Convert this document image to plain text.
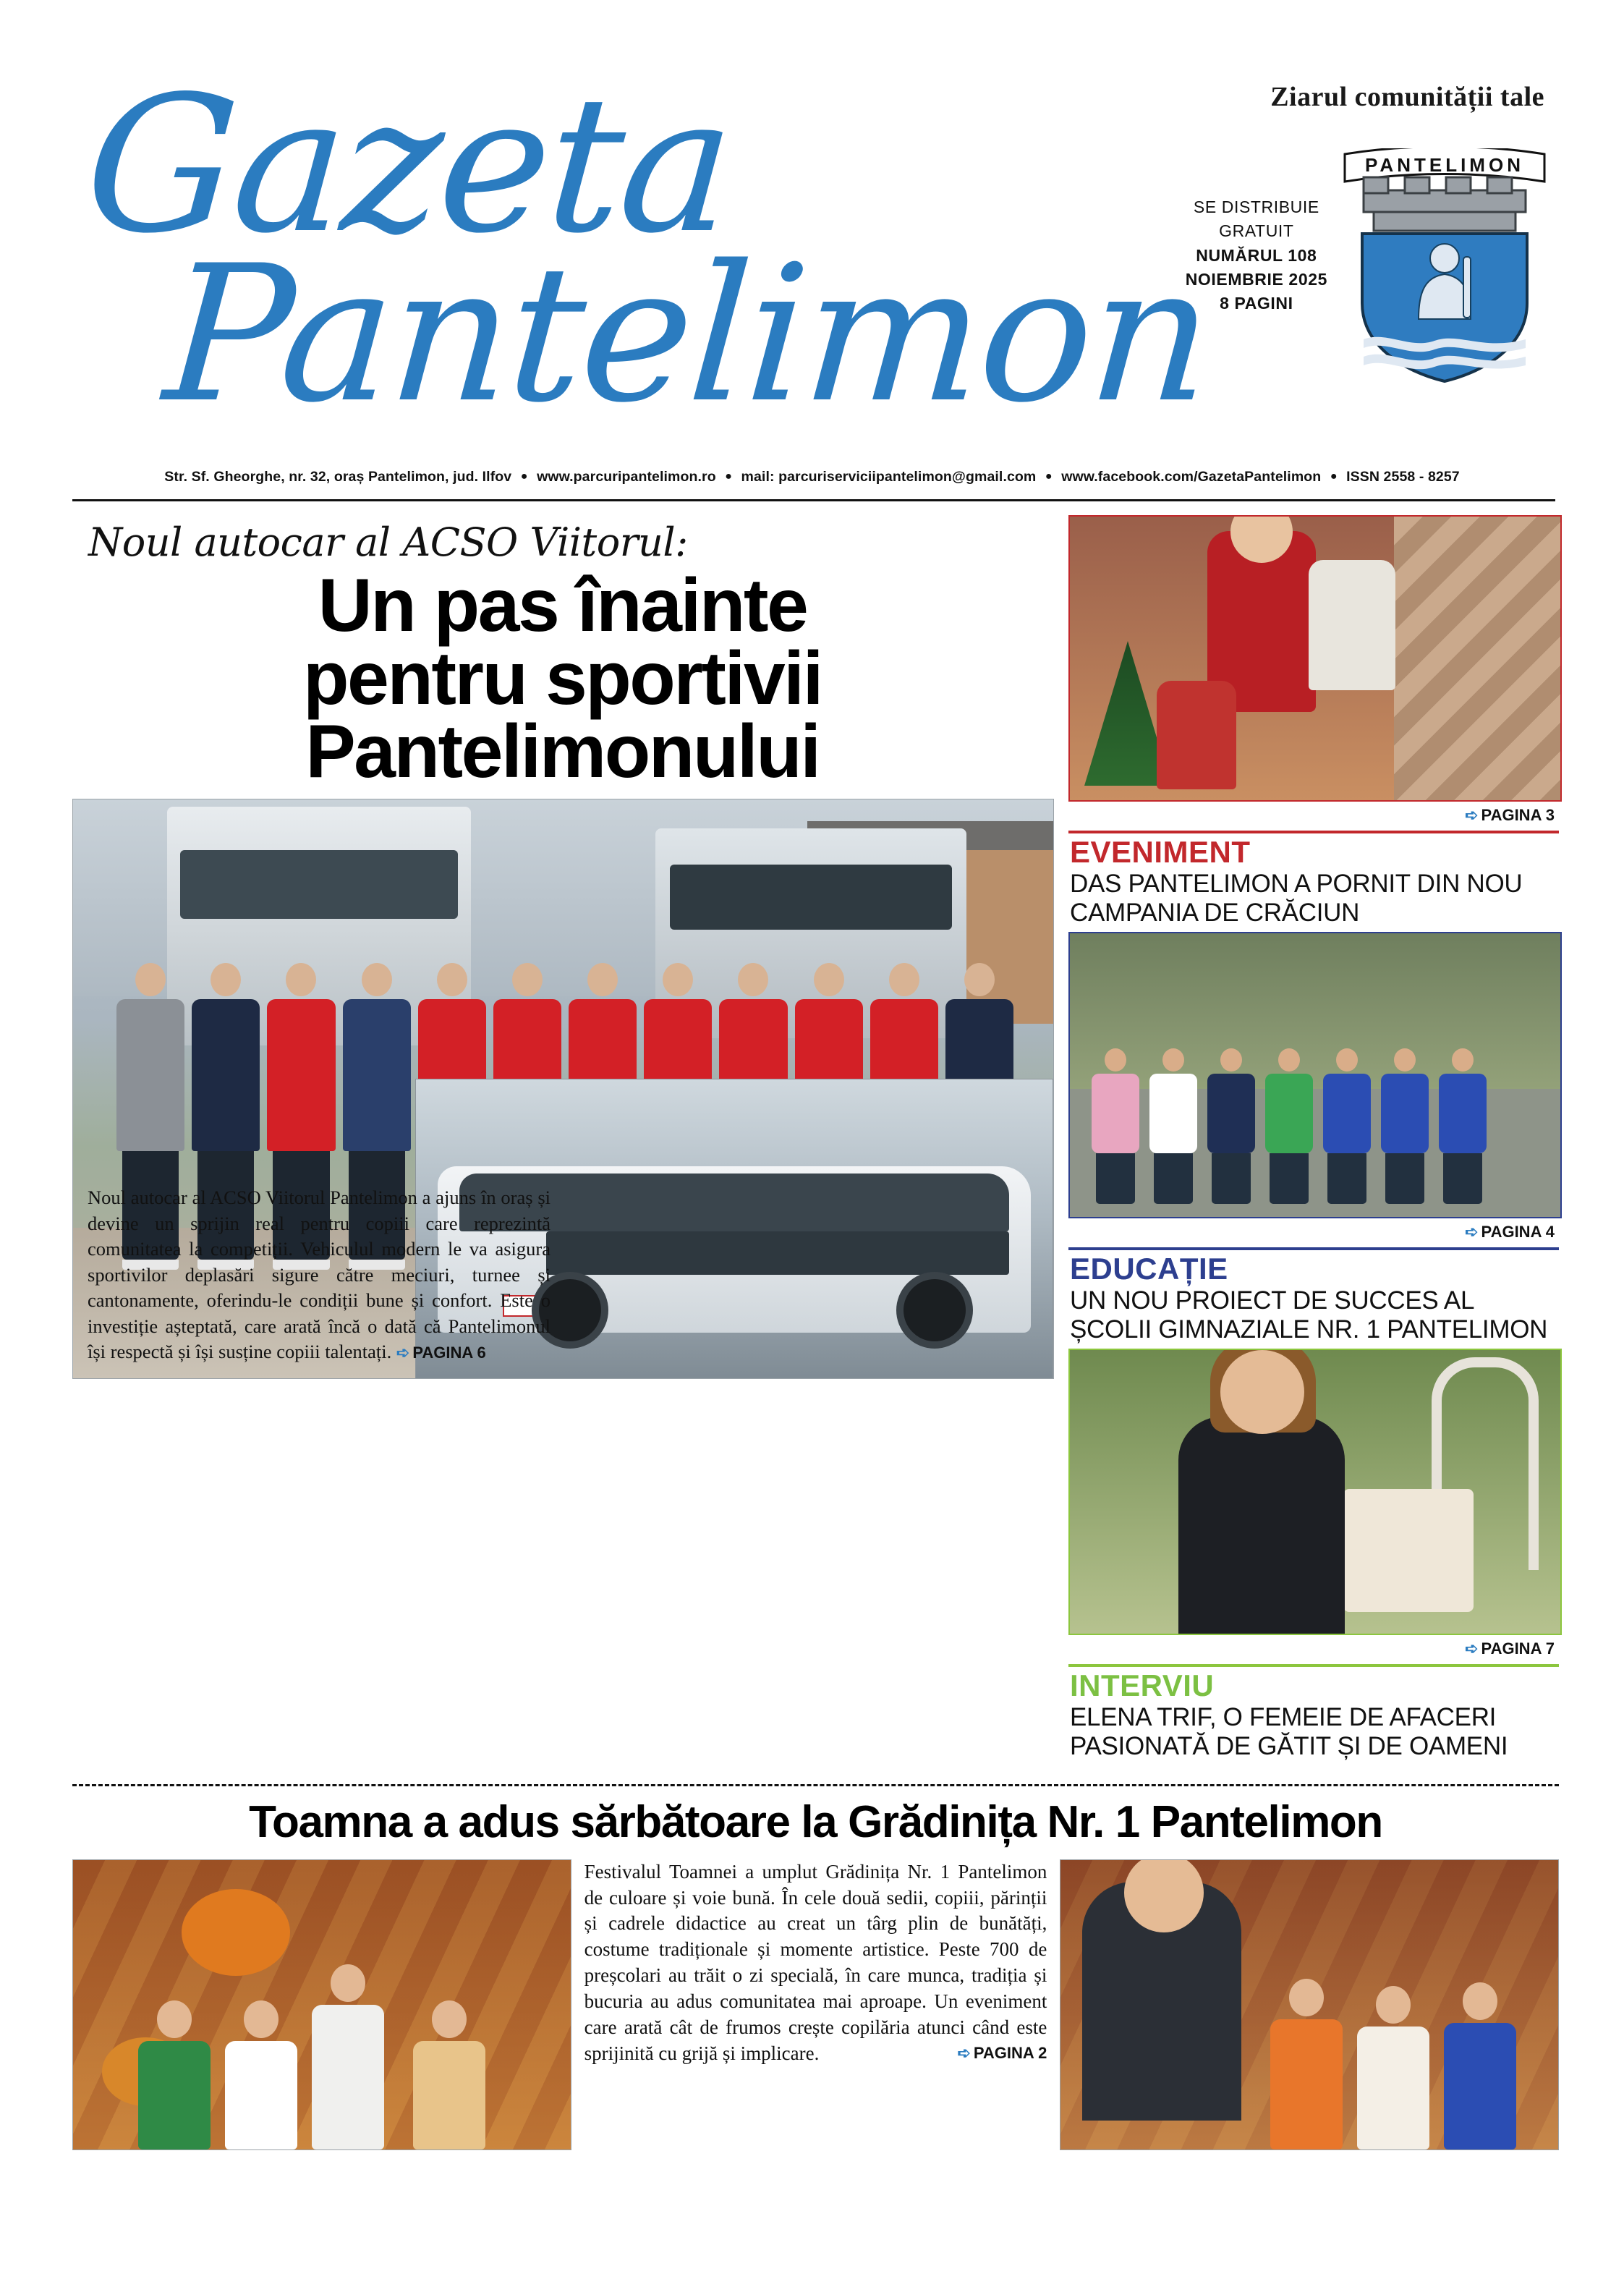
Ziarul comunității tale
Gazeta
Pantelimon
SE DISTRIBUIE
GRATUIT
NUMĂRUL 108
NOIEMBRIE 2025
8 PAGINI
PANTELIMON
Str. Sf. Gheorghe, nr. 32, oraș Pantelimon, jud. Ilfov ● www.parcuripantelimon.ro ● mail: parcuriserviciipantelimon@gmail.com ● www.facebook.com/GazetaPantelimon ● ISSN 2558 - 8257
Noul autocar al ACSO Viitorul:
Un pas înainte
pentru sportivii
Pantelimonului
Noul autocar al ACSO Viitorul Pantelimon a ajuns în oraș și devine un sprijin real pentru copiii care reprezintă comunitatea la competiții. Vehiculul modern le va asigura sportivilor deplasări sigure către meciuri, turnee și cantonamente, oferindu-le condiții bune și confort. Este o investiție așteptată, care arată încă o dată că Pantelimonul își respectă și își susține copiii talentați. ➪ PAGINA 6
➪ PAGINA 3
EVENIMENT
DAS PANTELIMON A PORNIT DIN NOU CAMPANIA DE CRĂCIUN
➪ PAGINA 4
EDUCAȚIE
UN NOU PROIECT DE SUCCES AL ȘCOLII GIMNAZIALE NR. 1 PANTELIMON
➪ PAGINA 7
INTERVIU
ELENA TRIF, O FEMEIE DE AFACERI PASIONATĂ DE GĂTIT ȘI DE OAMENI
Toamna a adus sărbătoare la Grădinița Nr. 1 Pantelimon
Festivalul Toamnei a umplut Grădinița Nr. 1 Pantelimon de culoare și voie bună. În cele două sedii, copiii, părinții și cadrele didactice au creat un târg plin de bunătăți, costume tradiționale și momente artistice. Peste 700 de preșcolari au trăit o zi specială, în care munca, tradiția și bucuria au adus comunitatea mai aproape. Un eveniment care arată cât de frumos crește copilăria atunci când este sprijinită cu grijă și implicare.	➪ PAGINA 2
